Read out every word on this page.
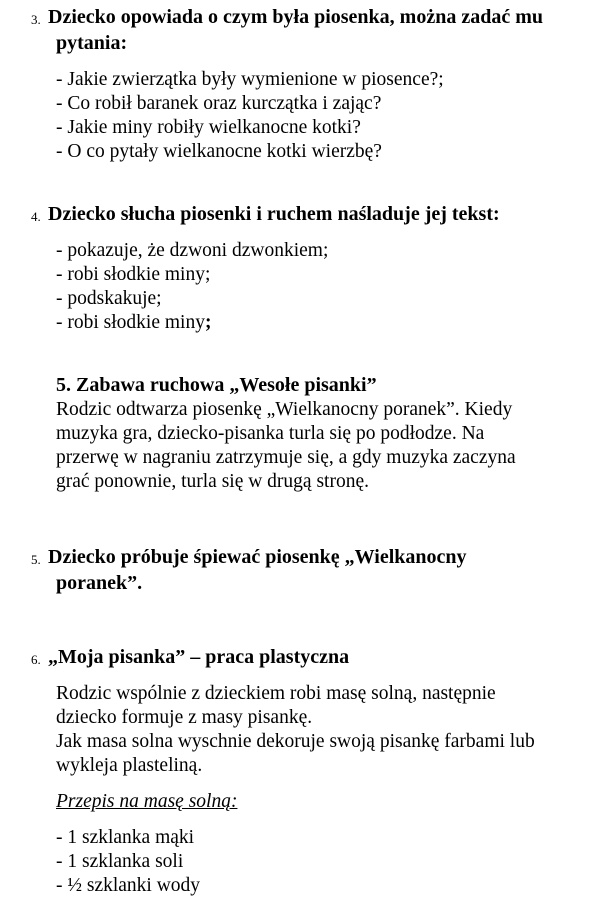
3. Dziecko opowiada o czym była piosenka, można zadać mu
pytania:
- Jakie zwierzątka były wymienione w piosence?;
- Co robił baranek oraz kurczątka i zając?
- Jakie miny robiły wielkanocne kotki?
- O co pytały wielkanocne kotki wierzbę?
4. Dziecko słucha piosenki i ruchem naśladuje jej tekst:
- pokazuje, że dzwoni dzwonkiem;
- robi słodkie miny;
- podskakuje;
- robi słodkie miny;
5. Zabawa ruchowa „Wesołe pisanki”
Rodzic odtwarza piosenkę „Wielkanocny poranek”. Kiedy
muzyka gra, dziecko-pisanka turla się po podłodze. Na
przerwę w nagraniu zatrzymuje się, a gdy muzyka zaczyna
grać ponownie, turla się w drugą stronę.
5. Dziecko próbuje śpiewać piosenkę „Wielkanocny
poranek”.
6. „Moja pisanka” – praca plastyczna
Rodzic wspólnie z dzieckiem robi masę solną, następnie
dziecko formuje z masy pisankę.
Jak masa solna wyschnie dekoruje swoją pisankę farbami lub
wykleja plasteliną.
Przepis na masę solną:
- 1 szklanka mąki
- 1 szklanka soli
- ½ szklanki wody
